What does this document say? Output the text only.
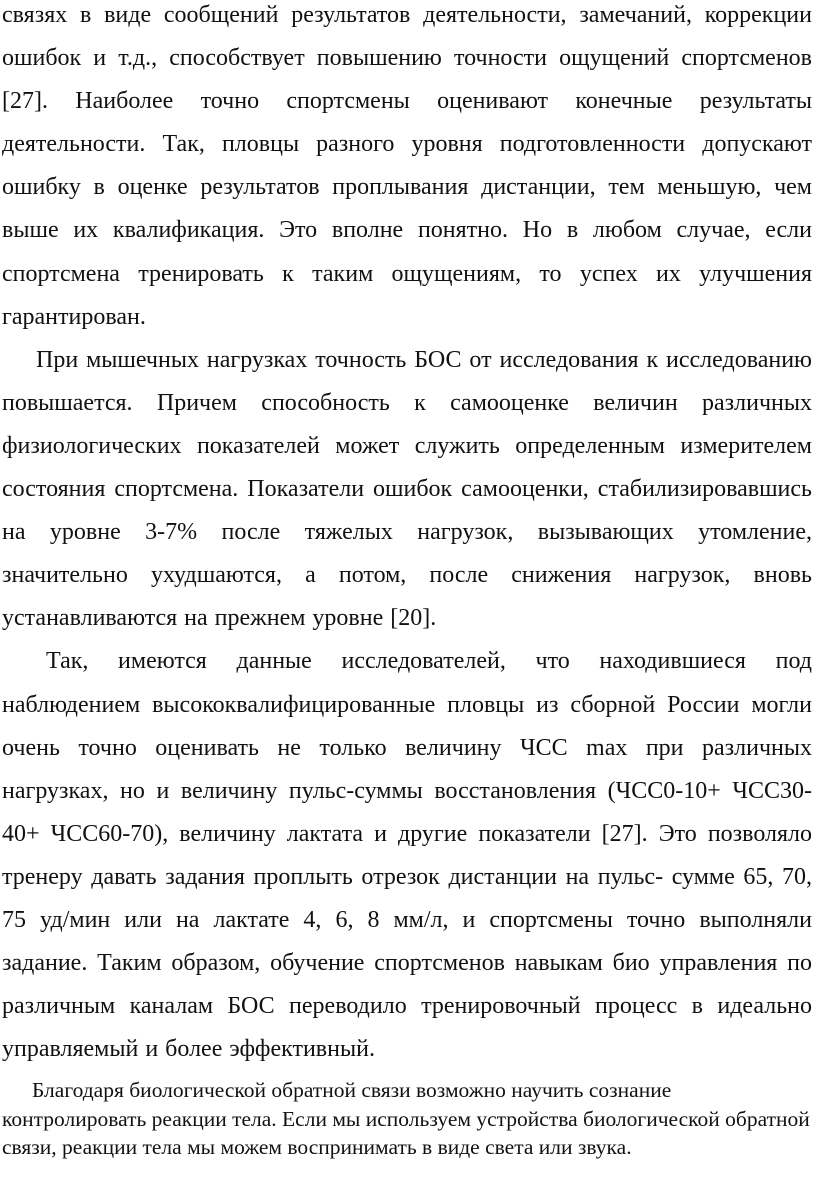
связях в виде сообщений результатов деятельности, замечаний, коррекции ошибок и т.д., способствует повышению точности ощущений спортсменов [27]. Наиболее точно спортсмены оценивают конечные результаты деятельности. Так, пловцы разного уровня подготовленности допускают ошибку в оценке результатов проплывания дистанции, тем меньшую, чем выше их квалификация. Это вполне понятно. Но в любом случае, если спортсмена тренировать к таким ощущениям, то успех их улучшения гарантирован.

При мышечных нагрузках точность БОС от исследования к исследованию повышается. Причем способность к самооценке величин различных физиологических показателей может служить определенным измерителем состояния спортсмена. Показатели ошибок самооценки, стабилизировавшись на уровне 3-7% после тяжелых нагрузок, вызывающих утомление, значительно ухудшаются, а потом, после снижения нагрузок, вновь устанавливаются на прежнем уровне [20].

Так, имеются данные исследователей, что находившиеся под наблюдением высококвалифицированные пловцы из сборной России могли очень точно оценивать не только величину ЧСС max при различных нагрузках, но и величину пульс-суммы восстановления (ЧСС0-10+ ЧСС30-40+ ЧСС60-70), величину лактата и другие показатели [27]. Это позволяло тренеру давать задания проплыть отрезок дистанции на пульс- сумме 65, 70, 75 уд/мин или на лактате 4, 6, 8 мм/л, и спортсмены точно выполняли задание. Таким образом, обучение спортсменов навыкам био управления по различным каналам БОС переводило тренировочный процесс в идеально управляемый и более эффективный.

Благодаря биологической обратной связи возможно научить сознание контролировать реакции тела. Если мы используем устройства биологической обратной связи, реакции тела мы можем воспринимать в виде света или звука.
